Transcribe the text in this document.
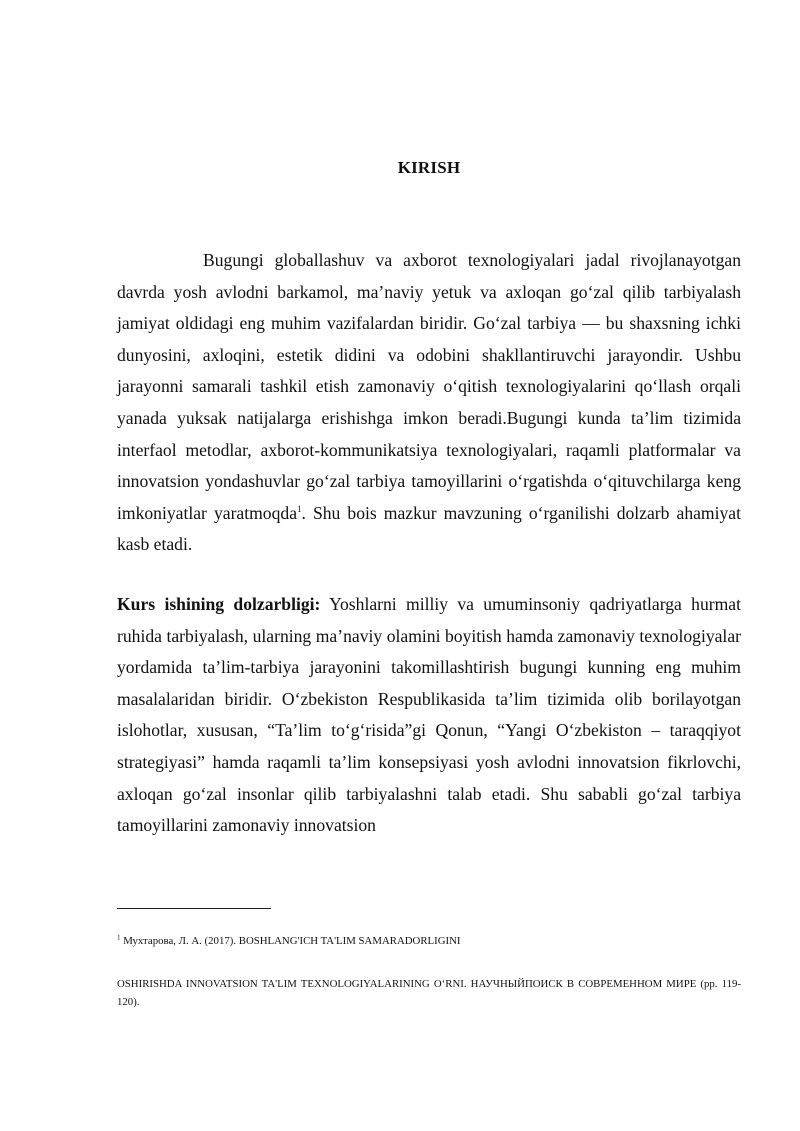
KIRISH

Bugungi globallashuv va axborot texnologiyalari jadal rivojlanayotgan davrda yosh avlodni barkamol, ma’naviy yetuk va axloqan go‘zal qilib tarbiyalash jamiyat oldidagi eng muhim vazifalardan biridir. Go‘zal tarbiya — bu shaxsning ichki dunyosini, axloqini, estetik didini va odobini shakllantiruvchi jarayondir. Ushbu jarayonni samarali tashkil etish zamonaviy o‘qitish texnologiyalarini qo‘llash orqali yanada yuksak natijalarga erishishga imkon beradi.Bugungi kunda ta’lim tizimida interfaol metodlar, axborot-kommunikatsiya texnologiyalari, raqamli platformalar va innovatsion yondashuvlar go‘zal tarbiya tamoyillarini o‘rgatishda o‘qituvchilarga keng imkoniyatlar yaratmoqda$^1$. Shu bois mazkur mavzuning o‘rganilishi dolzarb ahamiyat kasb etadi.

Kurs ishining dolzarbligi: Yoshlarni milliy va umuminsoniy qadriyatlarga hurmat ruhida tarbiyalash, ularning ma’naviy olamini boyitish hamda zamonaviy texnologiyalar yordamida ta’lim-tarbiya jarayonini takomillashtirish bugungi kunning eng muhim masalalaridan biridir. O‘zbekiston Respublikasida ta’lim tizimida olib borilayotgan islohotlar, xususan, “Ta’lim to‘g‘risida”gi Qonun, “Yangi O‘zbekiston – taraqqiyot strategiyasi” hamda raqamli ta’lim konsepsiyasi yosh avlodni innovatsion fikrlovchi, axloqan go‘zal insonlar qilib tarbiyalashni talab etadi. Shu sababli go‘zal tarbiya tamoyillarini zamonaviy innovatsion

$^1$ Мухтарова, Л. А. (2017). BOSHLANG'ICH TA'LIM SAMARADORLIGINI

OSHIRISHDA INNOVATSION TA'LIM TEXNOLOGIYALARINING O‘RNI. НАУЧНЫЙПОИСК В СОВРЕМЕННОМ МИРЕ (pp. 119-120).
